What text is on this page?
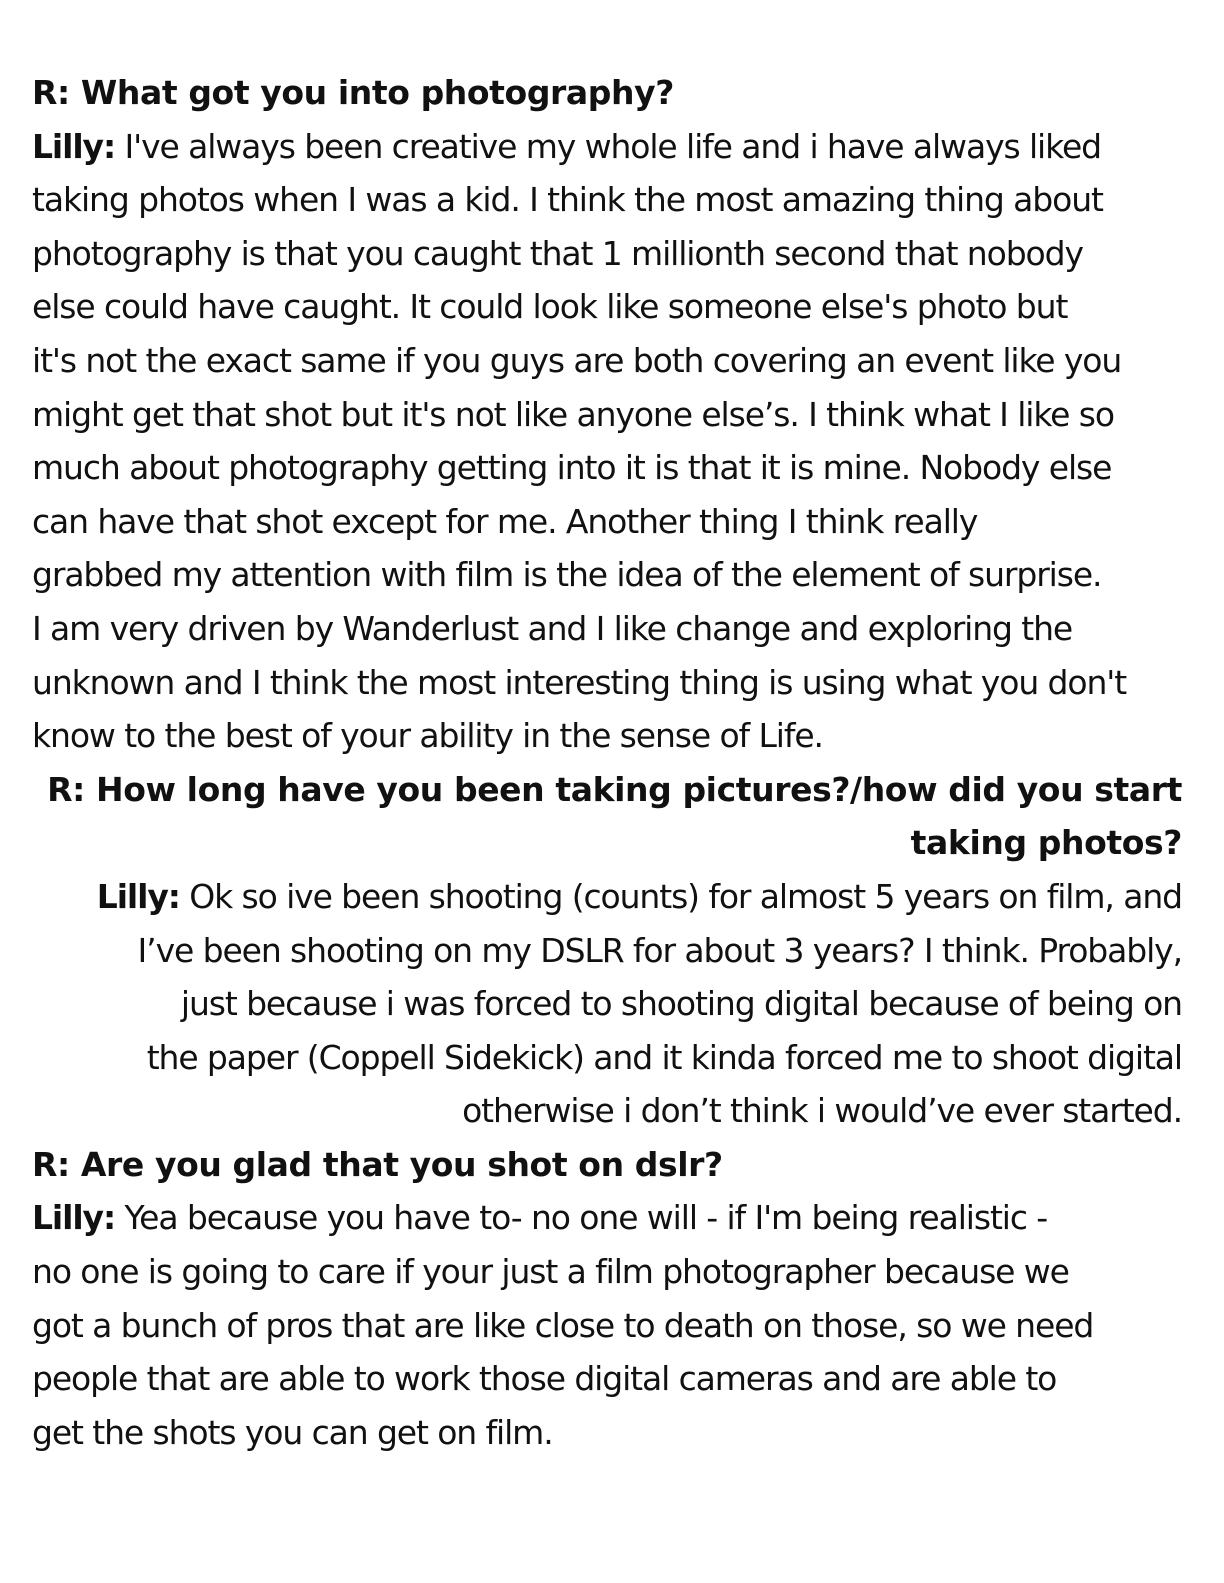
R: What got you into photography?
Lilly: I've always been creative my whole life and i have always liked
taking photos when I was a kid. I think the most amazing thing about
photography is that you caught that 1 millionth second that nobody
else could have caught. It could look like someone else's photo but
it's not the exact same if you guys are both covering an event like you
might get that shot but it's not like anyone else’s. I think what I like so
much about photography getting into it is that it is mine. Nobody else
can have that shot except for me. Another thing I think really
grabbed my attention with film is the idea of the element of surprise.
I am very driven by Wanderlust and I like change and exploring the
unknown and I think the most interesting thing is using what you don't
know to the best of your ability in the sense of Life.
R: How long have you been taking pictures?/how did you start
taking photos?
Lilly: Ok so ive been shooting (counts) for almost 5 years on film, and
I’ve been shooting on my DSLR for about 3 years? I think. Probably,
just because i was forced to shooting digital because of being on
the paper (Coppell Sidekick) and it kinda forced me to shoot digital
otherwise i don’t think i would’ve ever started.
R: Are you glad that you shot on dslr?
Lilly: Yea because you have to- no one will - if I'm being realistic -
no one is going to care if your just a film photographer because we
got a bunch of pros that are like close to death on those, so we need
people that are able to work those digital cameras and are able to
get the shots you can get on film.
